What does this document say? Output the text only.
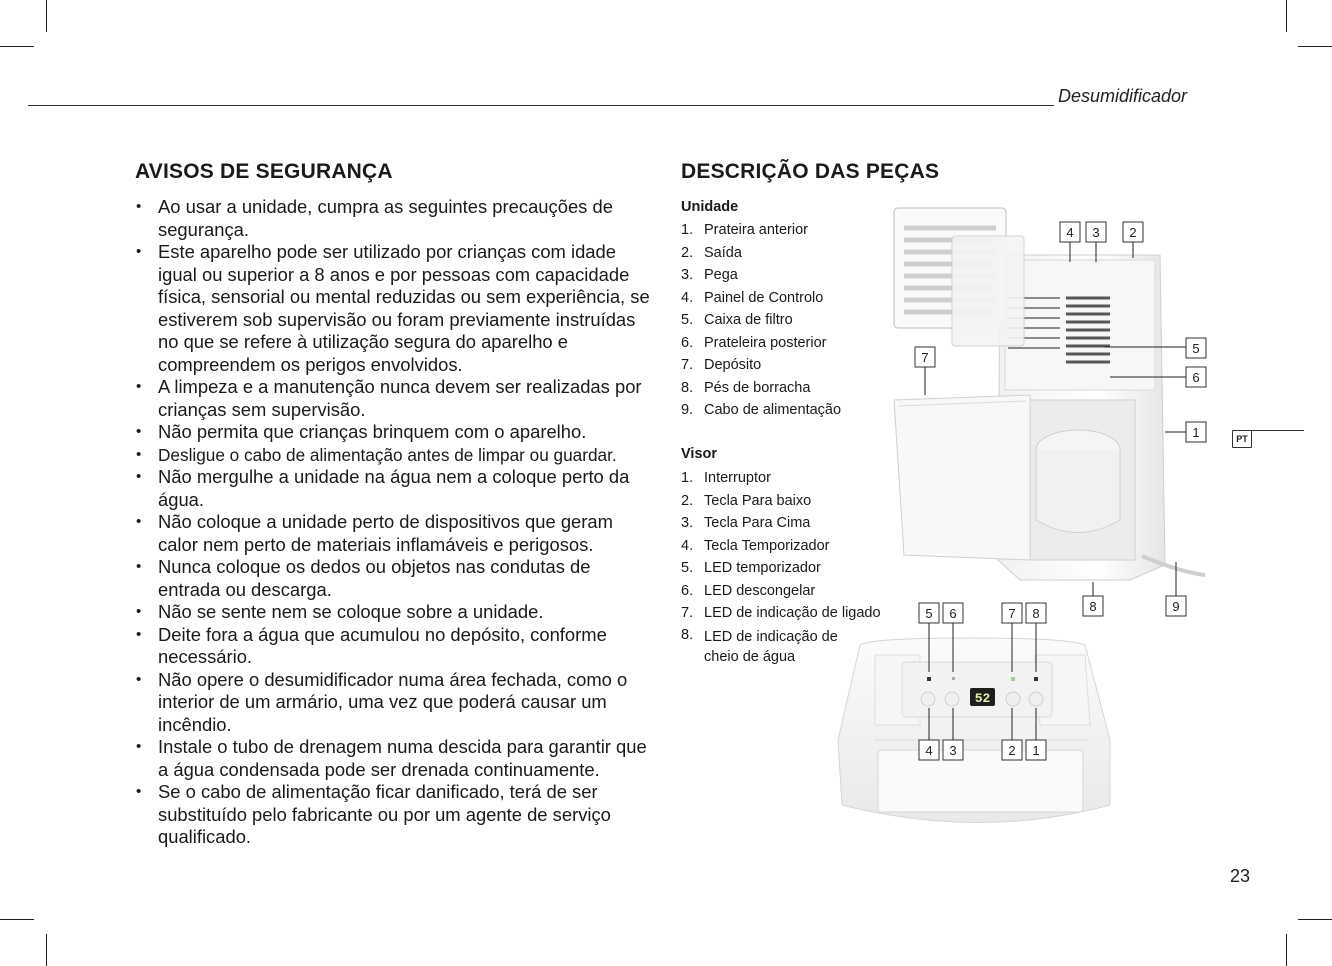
Desumidificador
AVISOS DE SEGURANÇA
• Ao usar a unidade, cumpra as seguintes precauções de segurança.
• Este aparelho pode ser utilizado por crianças com idade igual ou superior a 8 anos e por pessoas com capacidade física, sensorial ou mental reduzidas ou sem experiência, se estiverem sob supervisão ou foram previamente instruídas no que se refere à utilização segura do aparelho e compreendem os perigos envolvidos.
• A limpeza e a manutenção nunca devem ser realizadas por crianças sem supervisão.
• Não permita que crianças brinquem com o aparelho.
• Desligue o cabo de alimentação antes de limpar ou guardar.
• Não mergulhe a unidade na água nem a coloque perto da água.
• Não coloque a unidade perto de dispositivos que geram calor nem perto de materiais inflamáveis e perigosos.
• Nunca coloque os dedos ou objetos nas condutas de entrada ou descarga.
• Não se sente nem se coloque sobre a unidade.
• Deite fora a água que acumulou no depósito, conforme necessário.
• Não opere o desumidificador numa área fechada, como o interior de um armário, uma vez que poderá causar um incêndio.
• Instale o tubo de drenagem numa descida para garantir que a água condensada pode ser drenada continuamente.
• Se o cabo de alimentação ficar danificado, terá de ser substituído pelo fabricante ou por um agente de serviço qualificado.
DESCRIÇÃO DAS PEÇAS
Unidade
1. Prateira anterior
2. Saída
3. Pega
4. Painel de Controlo
5. Caixa de filtro
6. Prateleira posterior
7. Depósito
8. Pés de borracha
9. Cabo de alimentação
Visor
1. Interruptor
2. Tecla Para baixo
3. Tecla Para Cima
4. Tecla Temporizador
5. LED temporizador
6. LED descongelar
7. LED de indicação de ligado
8. LED de indicação de cheio de água
4 3 2
5
6
7
1
8	9
52
5 6	7 8
4 3	2 1
PT
23
